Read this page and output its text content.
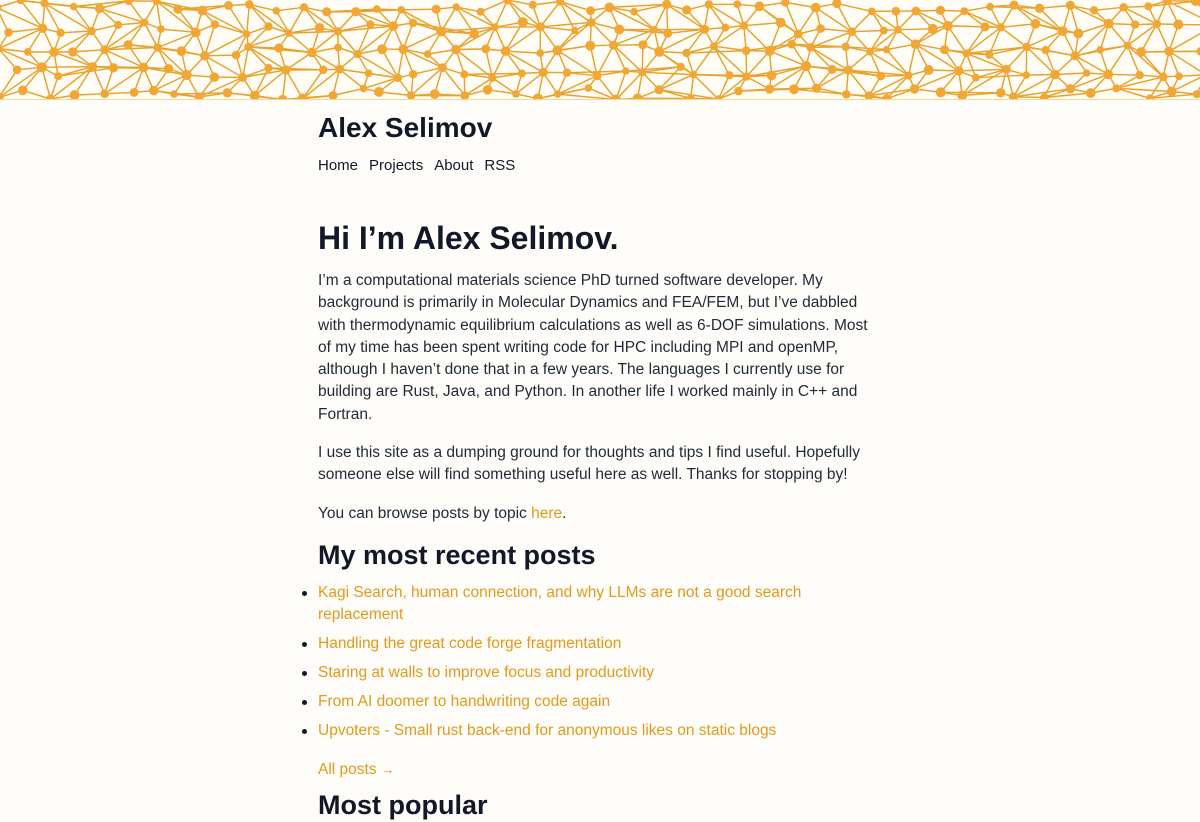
Alex Selimov
Home Projects About RSS
Hi I’m Alex Selimov.

I’m a computational materials science PhD turned software developer. My background is primarily in Molecular Dynamics and FEA/FEM, but I’ve dabbled with thermodynamic equilibrium calculations as well as 6-DOF simulations. Most of my time has been spent writing code for HPC including MPI and openMP, although I haven’t done that in a few years. The languages I currently use for building are Rust, Java, and Python. In another life I worked mainly in C++ and Fortran.

I use this site as a dumping ground for thoughts and tips I find useful. Hopefully someone else will find something useful here as well. Thanks for stopping by!

You can browse posts by topic here.

My most recent posts
Kagi Search, human connection, and why LLMs are not a good search replacement
Handling the great code forge fragmentation
Staring at walls to improve focus and productivity
From AI doomer to handwriting code again
Upvoters - Small rust back-end for anonymous likes on static blogs
All posts →
Most popular
